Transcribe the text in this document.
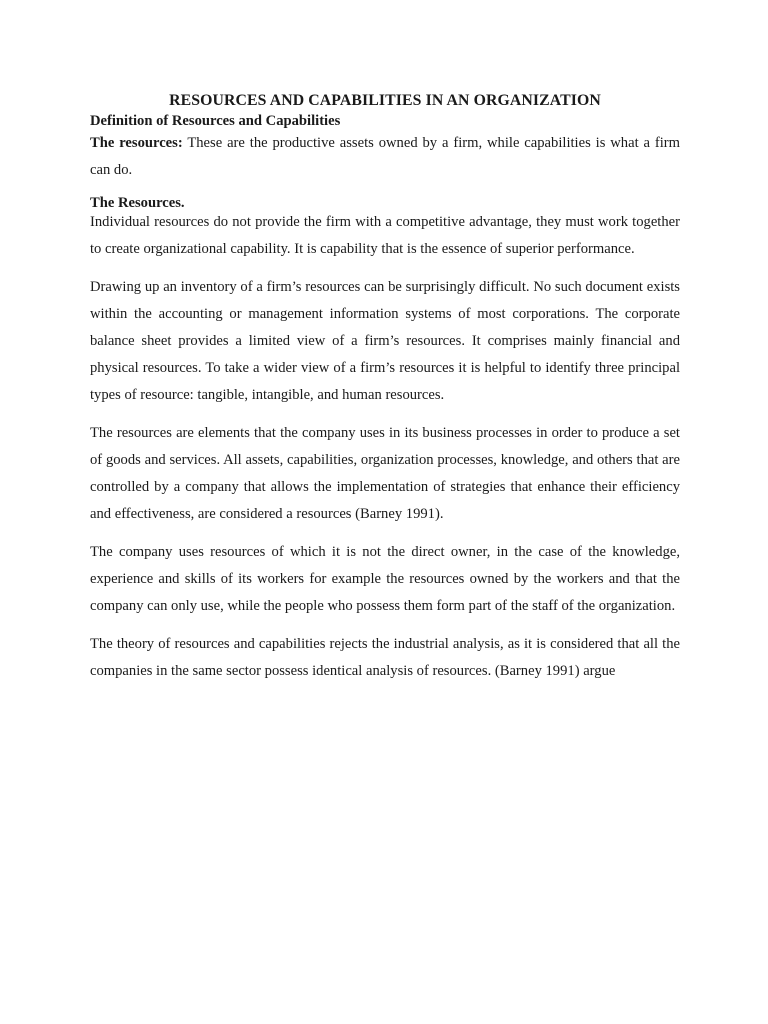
RESOURCES AND CAPABILITIES IN AN ORGANIZATION
Definition of Resources and Capabilities

The resources: These are the productive assets owned by a firm, while capabilities is what a firm can do.

The Resources.

Individual resources do not provide the firm with a competitive advantage, they must work together to create organizational capability. It is capability that is the essence of superior performance.

Drawing up an inventory of a firm’s resources can be surprisingly difficult. No such document exists within the accounting or management information systems of most corporations. The corporate balance sheet provides a limited view of a firm’s resources. It comprises mainly financial and physical resources. To take a wider view of a firm’s resources it is helpful to identify three principal types of resource: tangible, intangible, and human resources.

The resources are elements that the company uses in its business processes in order to produce a set of goods and services. All assets, capabilities, organization processes, knowledge, and others that are controlled by a company that allows the implementation of strategies that enhance their efficiency and effectiveness, are considered a resources (Barney 1991).

The company uses resources of which it is not the direct owner, in the case of the knowledge, experience and skills of its workers for example the resources owned by the workers and that the company can only use, while the people who possess them form part of the staff of the organization.

The theory of resources and capabilities rejects the industrial analysis, as it is considered that all the companies in the same sector possess identical analysis of resources. (Barney 1991) argue
